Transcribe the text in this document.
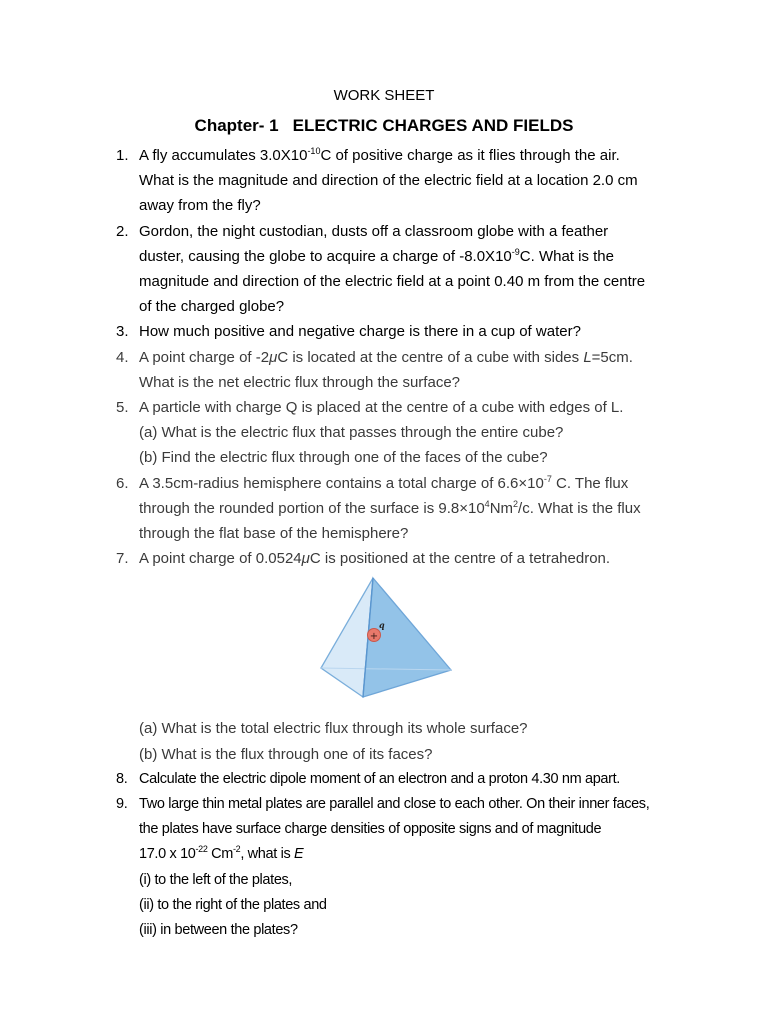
WORK SHEET
Chapter- 1 ELECTRIC CHARGES AND FIELDS
1. A fly accumulates $3.0X10^{-10}C$ of positive charge as it flies through the air.
What is the magnitude and direction of the electric field at a location 2.0 cm
away from the fly?
2. Gordon, the night custodian, dusts off a classroom globe with a feather
duster, causing the globe to acquire a charge of $-8.0X10^{-9}C$. What is the
magnitude and direction of the electric field at a point 0.40 m from the centre
of the charged globe?
3. How much positive and negative charge is there in a cup of water?
4. A point charge of -2μC is located at the centre of a cube with sides L=5cm.
What is the net electric flux through the surface?
5. A particle with charge Q is placed at the centre of a cube with edges of L.
(a) What is the electric flux that passes through the entire cube?
(b) Find the electric flux through one of the faces of the cube?
6. A 3.5cm-radius hemisphere contains a total charge of $6.6\times 10^{-7}$ C. The flux
through the rounded portion of the surface is $9.8\times 10^4Nm^2/c$. What is the flux
through the flat base of the hemisphere?
7. A point charge of 0.0524μC is positioned at the centre of a tetrahedron.
+
q
(a) What is the total electric flux through its whole surface?
(b) What is the flux through one of its faces?
8. Calculate the electric dipole moment of an electron and a proton 4.30 nm apart.
9. Two large thin metal plates are parallel and close to each other. On their inner faces,
the plates have surface charge densities of opposite signs and of magnitude
17.0 x $10^{-22}$ $Cm^{-2}$, what is E
(i) to the left of the plates,
(ii) to the right of the plates and
(iii) in between the plates?
